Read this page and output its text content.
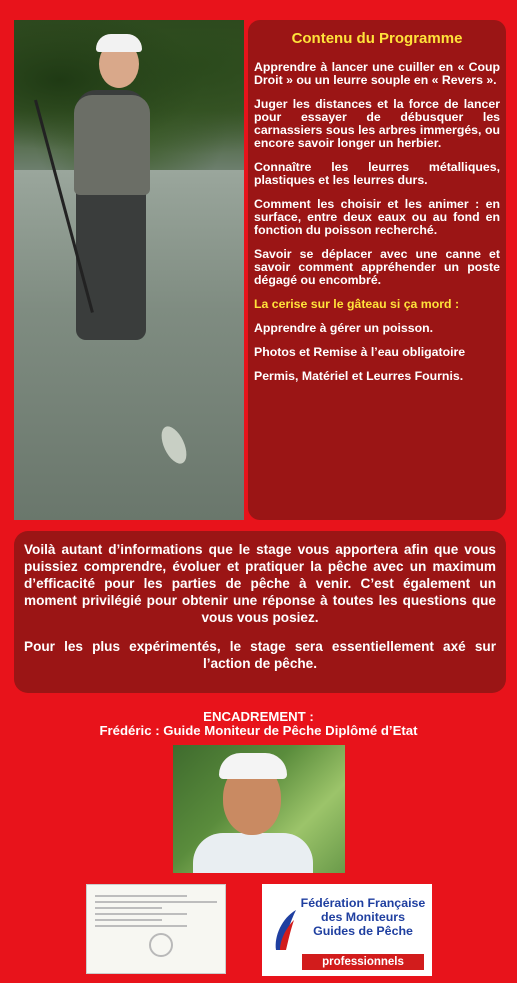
Contenu du Programme

Apprendre à lancer une cuiller en « Coup Droit » ou un leurre souple en « Revers ».

Juger les distances et la force de lancer pour essayer de débusquer les carnassiers sous les arbres immergés, ou encore savoir longer un herbier.

Connaître les leurres métalliques, plastiques et les leurres durs.

Comment les choisir et les animer : en surface, entre deux eaux ou au fond en fonction du poisson recherché.

Savoir se déplacer avec une canne et savoir comment appréhender un poste dégagé ou encombré.

La cerise sur le gâteau si ça mord :

Apprendre à gérer un poisson.

Photos et Remise à l’eau obligatoire

Permis, Matériel et Leurres Fournis.

Voilà autant d’informations que le stage vous apportera afin que vous puissiez comprendre, évoluer et pratiquer la pêche avec un maximum d’efficacité pour les parties de pêche à venir. C’est également un moment privilégié pour obtenir une réponse à toutes les questions que vous vous posiez.

Pour les plus expérimentés, le stage sera essentiellement axé sur l’action de pêche.

ENCADREMENT :
Frédéric : Guide Moniteur de Pêche Diplômé d’Etat
Fédération Française des Moniteurs Guides de Pêche
professionnels
